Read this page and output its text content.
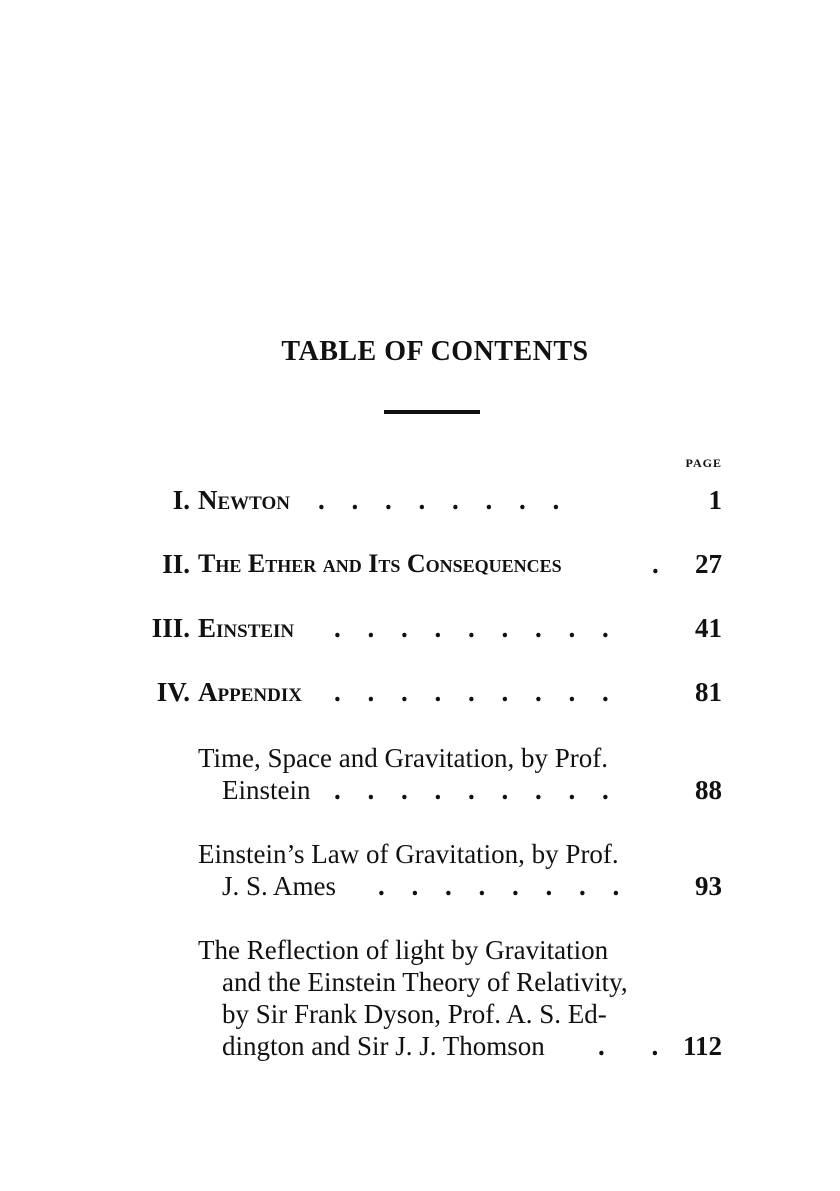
TABLE OF CONTENTS
PAGE
I. Newton . . . . . . . .	1
II. The Ether and Its Consequences	.	27
III. Einstein . . . . . . . . .	41
IV. Appendix . . . . . . . . .	81
Time, Space and Gravitation, by Prof.
Einstein . . . . . . . . .	88
Einstein’s Law of Gravitation, by Prof.
J. S. Ames . . . . . . . .	93
The Reflection of light by Gravitation
and the Einstein Theory of Relativity,
by Sir Frank Dyson, Prof. A. S. Ed-
dington and Sir J. J. Thomson . . 112
